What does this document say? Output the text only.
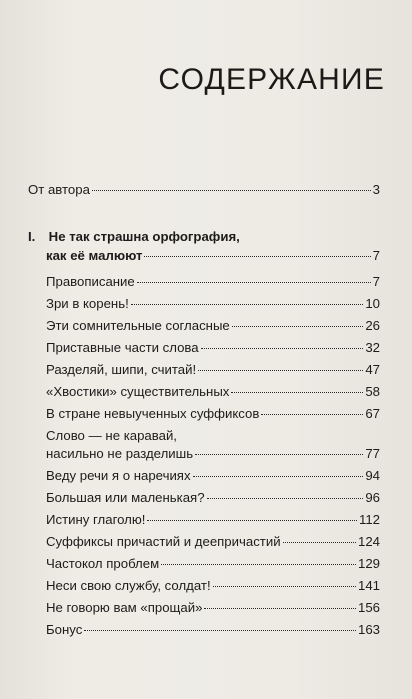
СОДЕРЖАНИЕ
От автора	3
I. Не так страшна орфография,
как её малюют	7
Правописание	7
Зри в корень!	10
Эти сомнительные согласные	26
Приставные части слова	32
Разделяй, шипи, считай!	47
«Хвостики» существительных	58
В стране невыученных суффиксов	67
Слово — не каравай,
насильно не разделишь	77
Веду речи я о наречиях	94
Большая или маленькая?	96
Истину глаголю!	112
Суффиксы причастий и деепричастий	124
Частокол проблем	129
Неси свою службу, солдат!	141
Не говорю вам «прощай»	156
Бонус	163
